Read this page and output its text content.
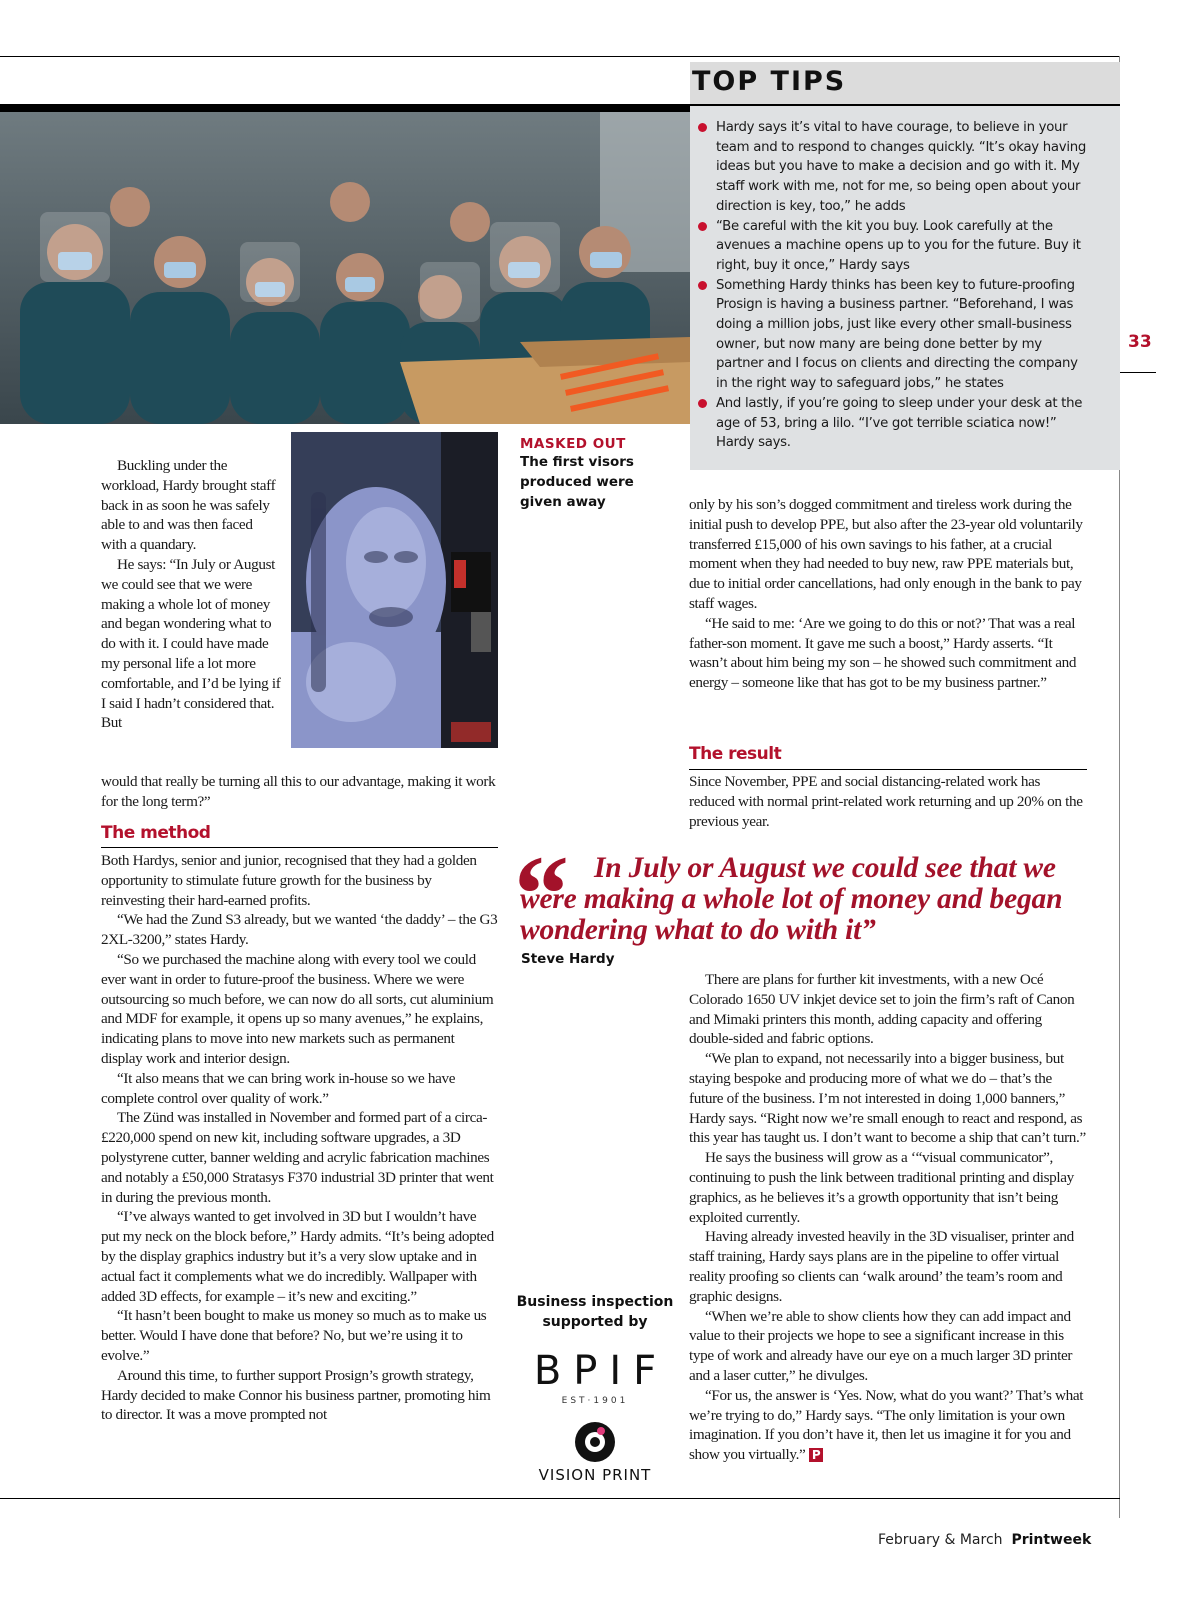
TOP TIPS
Hardy says it’s vital to have courage, to believe in your team and to respond to changes quickly. “It’s okay having ideas but you have to make a decision and go with it. My staff work with me, not for me, so being open about your direction is key, too,” he adds
“Be careful with the kit you buy. Look carefully at the avenues a machine opens up to you for the future. Buy it right, buy it once,” Hardy says
Something Hardy thinks has been key to future-proofing Prosign is having a business partner. “Beforehand, I was doing a million jobs, just like every other small-business owner, but now many are being done better by my partner and I focus on clients and directing the company in the right way to safeguard jobs,” he states
And lastly, if you’re going to sleep under your desk at the age of 53, bring a lilo. “I’ve got terrible sciatica now!” Hardy says.
33
MASKED OUT
The first visors produced were given away

Buckling under the workload, Hardy brought staff back in as soon he was safely able to and was then faced with a quandary.

He says: “In July or August we could see that we were making a whole lot of money and began wondering what to do with it. I could have made my personal life a lot more comfortable, and I’d be lying if I said I hadn’t considered that. But

would that really be turning all this to our advantage, making it work for the long term?”

The method

Both Hardys, senior and junior, recognised that they had a golden opportunity to stimulate future growth for the business by reinvesting their hard-earned profits.

“We had the Zund S3 already, but we wanted ‘the daddy’ – the G3 2XL-3200,” states Hardy.

“So we purchased the machine along with every tool we could ever want in order to future-proof the business. Where we were outsourcing so much before, we can now do all sorts, cut aluminium and MDF for example, it opens up so many avenues,” he explains, indicating plans to move into new markets such as permanent display work and interior design.

“It also means that we can bring work in-house so we have complete control over quality of work.”

The Zünd was installed in November and formed part of a circa-£220,000 spend on new kit, including software upgrades, a 3D polystyrene cutter, banner welding and acrylic fabrication machines and notably a £50,000 Stratasys F370 industrial 3D printer that went in during the previous month.

“I’ve always wanted to get involved in 3D but I wouldn’t have put my neck on the block before,” Hardy admits. “It’s being adopted by the display graphics industry but it’s a very slow uptake and in actual fact it complements what we do incredibly. Wallpaper with added 3D effects, for example – it’s new and exciting.”

“It hasn’t been bought to make us money so much as to make us better. Would I have done that before? No, but we’re using it to evolve.”

Around this time, to further support Prosign’s growth strategy, Hardy decided to make Connor his business partner, promoting him to director. It was a move prompted not

only by his son’s dogged commitment and tireless work during the initial push to develop PPE, but also after the 23-year old voluntarily transferred £15,000 of his own savings to his father, at a crucial moment when they had needed to buy new, raw PPE materials but, due to initial order cancellations, had only enough in the bank to pay staff wages.

“He said to me: ‘Are we going to do this or not?’ That was a real father-son moment. It gave me such a boost,” Hardy asserts. “It wasn’t about him being my son – he showed such commitment and energy – someone like that has got to be my business partner.”

The result

Since November, PPE and social distancing-related work has reduced with normal print-related work returning and up 20% on the previous year.

“ In July or August we could see that we were making a whole lot of money and began wondering what to do with it”
Steve Hardy

There are plans for further kit investments, with a new Océ Colorado 1650 UV inkjet device set to join the firm’s raft of Canon and Mimaki printers this month, adding capacity and offering double-sided and fabric options.

“We plan to expand, not necessarily into a bigger business, but staying bespoke and producing more of what we do – that’s the future of the business. I’m not interested in doing 1,000 banners,” Hardy says. “Right now we’re small enough to react and respond, as this year has taught us. I don’t want to become a ship that can’t turn.”

He says the business will grow as a ‘“visual communicator”, continuing to push the link between traditional printing and display graphics, as he believes it’s a growth opportunity that isn’t being exploited currently.

Having already invested heavily in the 3D visualiser, printer and staff training, Hardy says plans are in the pipeline to offer virtual reality proofing so clients can ‘walk around’ the team’s room and graphic designs.

“When we’re able to show clients how they can add impact and value to their projects we hope to see a significant increase in this type of work and already have our eye on a much larger 3D printer and a laser cutter,” he divulges.

“For us, the answer is ‘Yes. Now, what do you want?’ That’s what we’re trying to do,” Hardy says. “The only limitation is your own imagination. If you don’t have it, then let us imagine it for you and show you virtually.” P

Business inspection supported by
BPIF
EST·1901
VISION PRINT
February & March Printweek
